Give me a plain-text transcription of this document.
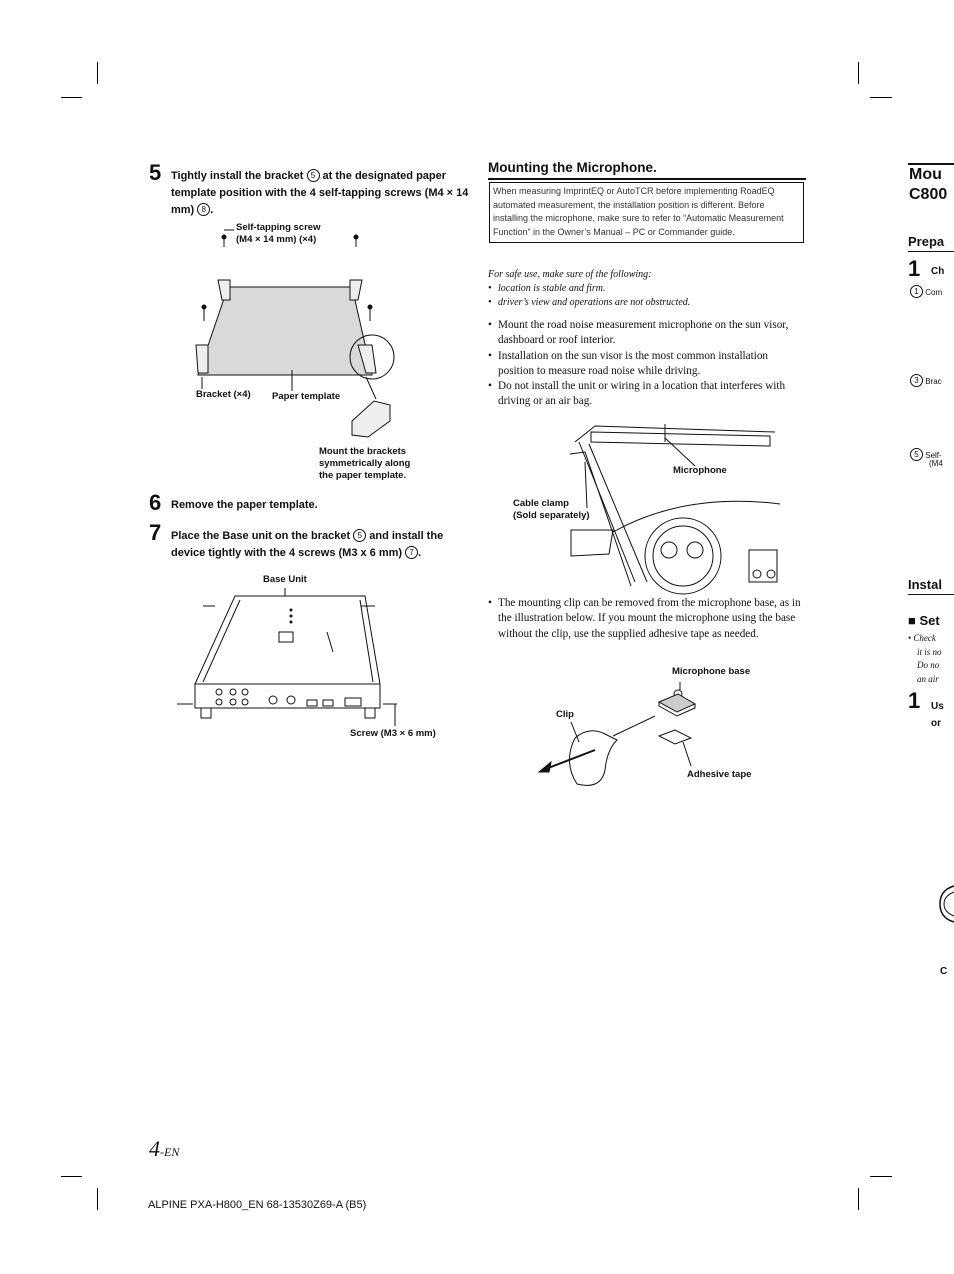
5 Tightly install the bracket 5 at the designated paper template position with the 4 self-tapping screws (M4 × 14 mm) 8 .
Self-tapping screw
(M4 × 14 mm) (×4)
Bracket (×4) Paper template
Mount the brackets
symmetrically along
the paper template.
6 Remove the paper template.
7 Place the Base unit on the bracket 5 and install the device tightly with the 4 screws (M3 x 6 mm) 7 .
Base Unit
Screw (M3 × 6 mm)
Mounting the Microphone.
When measuring ImprintEQ or AutoTCR before implementing RoadEQ automated measurement, the installation position is different. Before installing the microphone, make sure to refer to “Automatic Measurement Function” in the Owner’s Manual – PC or Commander guide.
For safe use, make sure of the following:
• location is stable and firm.
• driver’s view and operations are not obstructed.
• Mount the road noise measurement microphone on the sun visor, dashboard or roof interior.
• Installation on the sun visor is the most common installation position to measure road noise while driving.
• Do not install the unit or wiring in a location that interferes with driving or an air bag.
Microphone
Cable clamp
(Sold separately)
• The mounting clip can be removed from the microphone base, as in the illustration below. If you mount the microphone using the base without the clip, use the supplied adhesive tape as needed.
Microphone base
Clip
Adhesive tape
Mou
C800
Prepa
1 Ch
1 Com
3 Brac
5 Self-
(M4
Instal
■ Set
• Check
it is no
Do no
an air
1 Us
or
C
4-EN
ALPINE PXA-H800_EN 68-13530Z69-A (B5)
